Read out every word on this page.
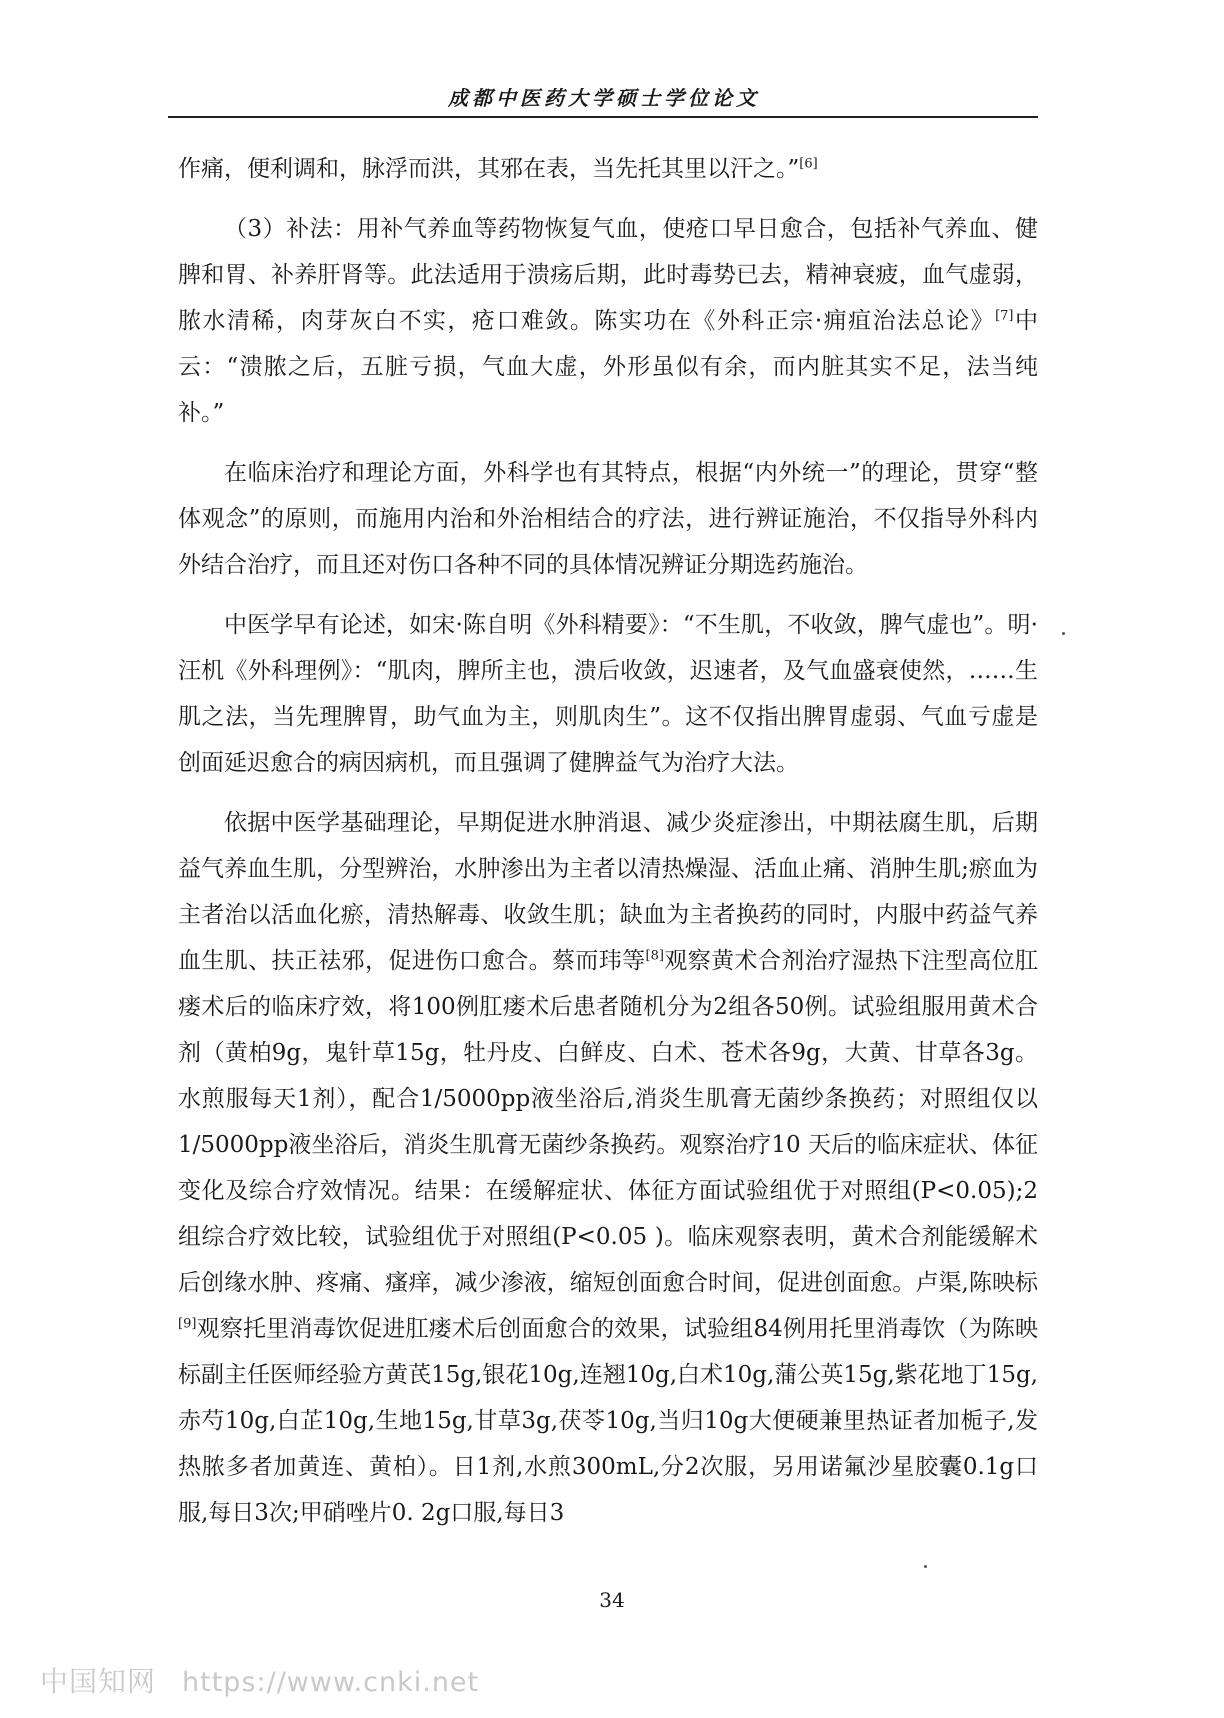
成都中医药大学硕士学位论文

作痛，便利调和，脉浮而洪，其邪在表，当先托其里以汗之。”[6]

（3）补法：用补气养血等药物恢复气血，使疮口早日愈合，包括补气养血、健脾和胃、补养肝肾等。此法适用于溃疡后期，此时毒势已去，精神衰疲，血气虚弱，脓水清稀，肉芽灰白不实，疮口难敛。陈实功在《外科正宗·痈疽治法总论》[7]中云：“溃脓之后，五脏亏损，气血大虚，外形虽似有余，而内脏其实不足，法当纯补。”

在临床治疗和理论方面，外科学也有其特点，根据“内外统一”的理论，贯穿“整体观念”的原则，而施用内治和外治相结合的疗法，进行辨证施治，不仅指导外科内外结合治疗，而且还对伤口各种不同的具体情况辨证分期选药施治。

中医学早有论述，如宋·陈自明《外科精要》：“不生肌，不收敛，脾气虚也”。明·汪机《外科理例》：“肌肉，脾所主也，溃后收敛，迟速者，及气血盛衰使然，……生肌之法，当先理脾胃，助气血为主，则肌肉生”。这不仅指出脾胃虚弱、气血亏虚是创面延迟愈合的病因病机，而且强调了健脾益气为治疗大法。

依据中医学基础理论，早期促进水肿消退、减少炎症渗出，中期祛腐生肌，后期益气养血生肌，分型辨治，水肿渗出为主者以清热燥湿、活血止痛、消肿生肌;瘀血为主者治以活血化瘀，清热解毒、收敛生肌；缺血为主者换药的同时，内服中药益气养血生肌、扶正祛邪，促进伤口愈合。蔡而玮等[8]观察黄术合剂治疗湿热下注型高位肛瘘术后的临床疗效，将100例肛瘘术后患者随机分为2组各50例。试验组服用黄术合剂（黄柏9g，鬼针草15g，牡丹皮、白鲜皮、白术、苍术各9g，大黄、甘草各3g。水煎服每天1剂），配合1/5000pp液坐浴后,消炎生肌膏无菌纱条换药；对照组仅以1/5000pp液坐浴后，消炎生肌膏无菌纱条换药。观察治疗10 天后的临床症状、体征变化及综合疗效情况。结果：在缓解症状、体征方面试验组优于对照组(P<0.05);2组综合疗效比较，试验组优于对照组(P<0.05 )。临床观察表明，黄术合剂能缓解术后创缘水肿、疼痛、瘙痒，减少渗液，缩短创面愈合时间，促进创面愈。卢渠,陈映标[9]观察托里消毒饮促进肛瘘术后创面愈合的效果，试验组84例用托里消毒饮（为陈映标副主任医师经验方黄芪15g,银花10g,连翘10g,白术10g,蒲公英15g,紫花地丁15g,赤芍10g,白芷10g,生地15g,甘草3g,茯苓10g,当归10g大便硬兼里热证者加栀子,发热脓多者加黄连、黄柏）。日1剂,水煎300mL,分2次服，另用诺氟沙星胶囊0.1g口服,每日3次;甲硝唑片0. 2g口服,每日3

34
中国知网 https://www.cnki.net
